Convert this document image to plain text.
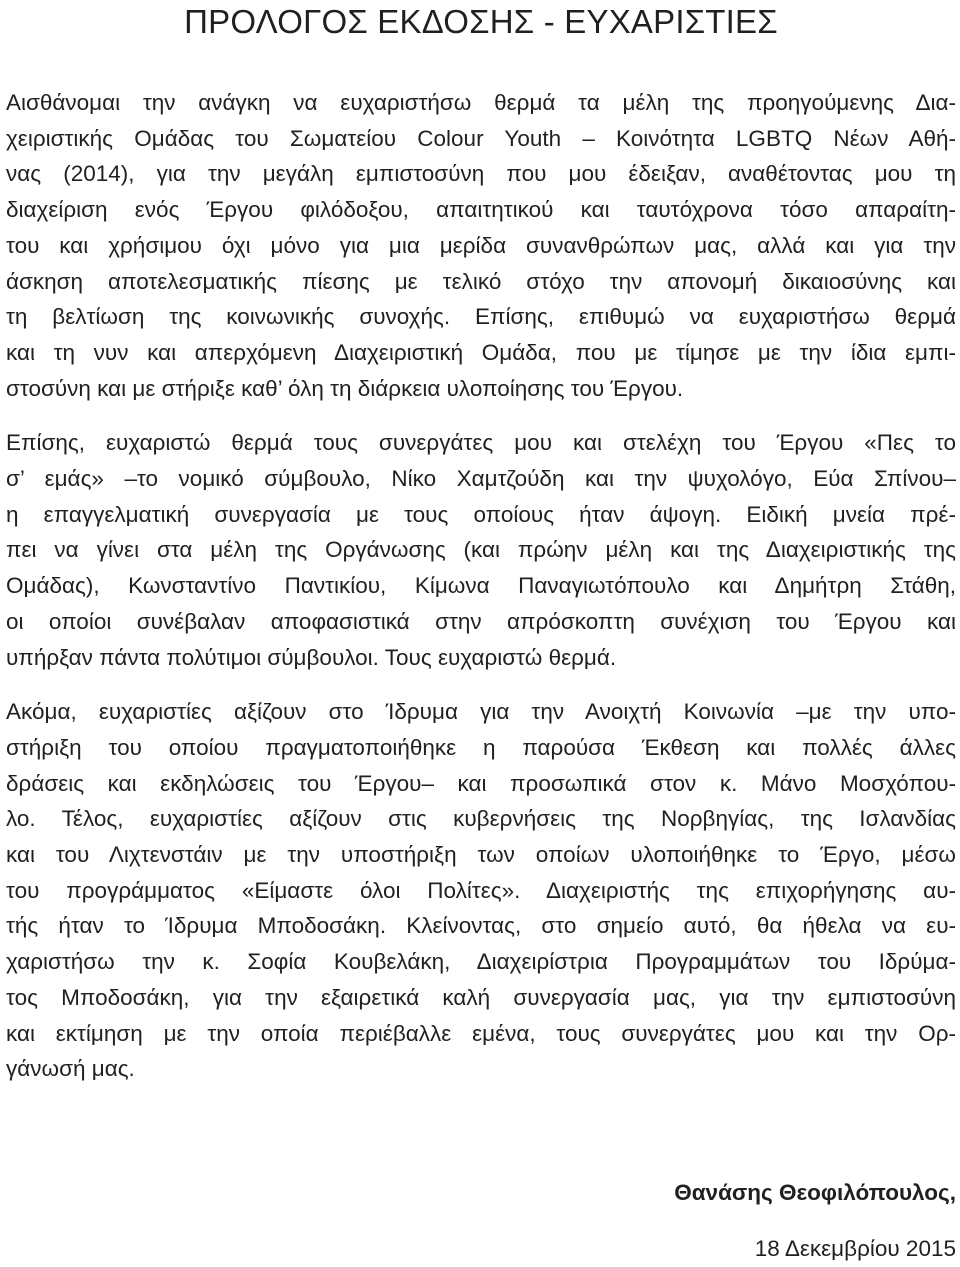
ΠΡΟΛΟΓΟΣ ΕΚΔΟΣΗΣ - ΕΥΧΑΡΙΣΤΙΕΣ
Αισθάνομαι την ανάγκη να ευχαριστήσω θερμά τα μέλη της προηγούμενης Δια-
χειριστικής Ομάδας του Σωματείου Colour Youth – Κοινότητα LGBTQ Νέων Αθή-
νας (2014), για την μεγάλη εμπιστοσύνη που μου έδειξαν, αναθέτοντας μου τη
διαχείριση ενός Έργου φιλόδοξου, απαιτητικού και ταυτόχρονα τόσο απαραίτη-
του και χρήσιμου όχι μόνο για μια μερίδα συνανθρώπων μας, αλλά και για την
άσκηση αποτελεσματικής πίεσης με τελικό στόχο την απονομή δικαιοσύνης και
τη βελτίωση της κοινωνικής συνοχής. Επίσης, επιθυμώ να ευχαριστήσω θερμά
και τη νυν και απερχόμενη Διαχειριστική Ομάδα, που με τίμησε με την ίδια εμπι-
στοσύνη και με στήριξε καθ’ όλη τη διάρκεια υλοποίησης του Έργου.
Επίσης, ευχαριστώ θερμά τους συνεργάτες μου και στελέχη του Έργου «Πες το
σ’ εμάς» –το νομικό σύμβουλο, Νίκο Χαμτζούδη και την ψυχολόγο, Εύα Σπίνου–
η επαγγελματική συνεργασία με τους οποίους ήταν άψογη. Ειδική μνεία πρέ-
πει να γίνει στα μέλη της Οργάνωσης (και πρώην μέλη και της Διαχειριστικής της
Ομάδας), Κωνσταντίνο Παντικίου, Κίμωνα Παναγιωτόπουλο και Δημήτρη Στάθη,
οι οποίοι συνέβαλαν αποφασιστικά στην απρόσκοπτη συνέχιση του Έργου και
υπήρξαν πάντα πολύτιμοι σύμβουλοι. Τους ευχαριστώ θερμά.
Ακόμα, ευχαριστίες αξίζουν στο Ίδρυμα για την Ανοιχτή Κοινωνία –με την υπο-
στήριξη του οποίου πραγματοποιήθηκε η παρούσα Έκθεση και πολλές άλλες
δράσεις και εκδηλώσεις του Έργου– και προσωπικά στον κ. Μάνο Μοσχόπου-
λο. Τέλος, ευχαριστίες αξίζουν στις κυβερνήσεις της Νορβηγίας, της Ισλανδίας
και του Λιχτενστάιν με την υποστήριξη των οποίων υλοποιήθηκε το Έργο, μέσω
του προγράμματος «Είμαστε όλοι Πολίτες». Διαχειριστής της επιχορήγησης αυ-
τής ήταν το Ίδρυμα Μποδοσάκη. Κλείνοντας, στο σημείο αυτό, θα ήθελα να ευ-
χαριστήσω την κ. Σοφία Κουβελάκη, Διαχειρίστρια Προγραμμάτων του Ιδρύμα-
τος Μποδοσάκη, για την εξαιρετικά καλή συνεργασία μας, για την εμπιστοσύνη
και εκτίμηση με την οποία περιέβαλλε εμένα, τους συνεργάτες μου και την Ορ-
γάνωσή μας.
Θανάσης Θεοφιλόπουλος,
18 Δεκεμβρίου 2015
